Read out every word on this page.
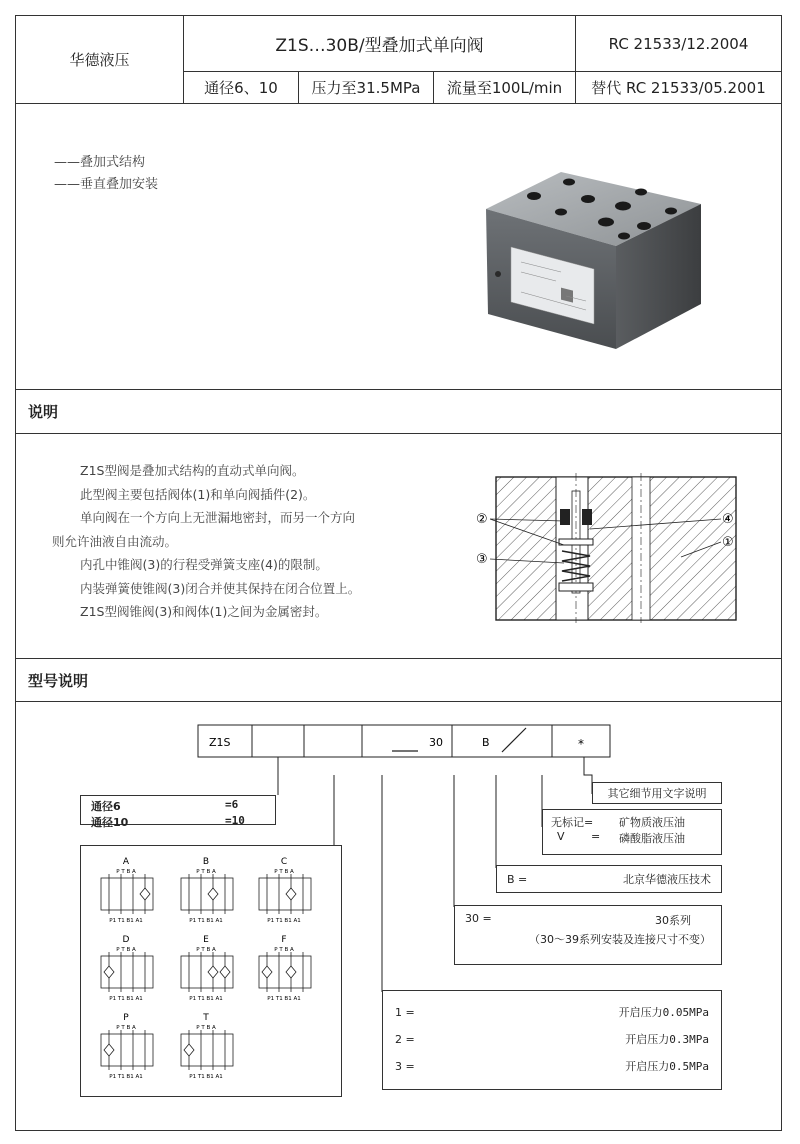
华德液压
Z1S…30B/型叠加式单向阀	RC 21533/12.2004
通径6、10 压力至31.5MPa 流量至100L/min 替代 RC 21533/05.2001
——叠加式结构
——垂直叠加安装
说明
Z1S型阀是叠加式结构的直动式单向阀。
此型阀主要包括阀体(1)和单向阀插件(2)。
单向阀在一个方向上无泄漏地密封，而另一个方向
则允许油液自由流动。
内孔中锥阀(3)的行程受弹簧支座(4)的限制。
内装弹簧使锥阀(3)闭合并使其保持在闭合位置上。
Z1S型阀锥阀(3)和阀体(1)之间为金属密封。
②
③
④
①
型号说明
Z1S	30	B	*
通径6	=6
通径10	=10
A
P T B A
P1 T1 B1 A1
B
P T B A
P1 T1 B1 A1
C
P T B A
P1 T1 B1 A1
D
P T B A
P1 T1 B1 A1
E
P T B A
P1 T1 B1 A1
F
P T B A
P1 T1 B1 A1
P
P T B A
P1 T1 B1 A1
T
P T B A
P1 T1 B1 A1
其它细节用文字说明
无标记=	矿物质液压油
V	=	磷酸脂液压油
B =	北京华德液压技术
30 =	30系列
（30～39系列安装及连接尺寸不变）
1 =	开启压力0.05MPa
2 =	开启压力0.3MPa
3 =	开启压力0.5MPa
